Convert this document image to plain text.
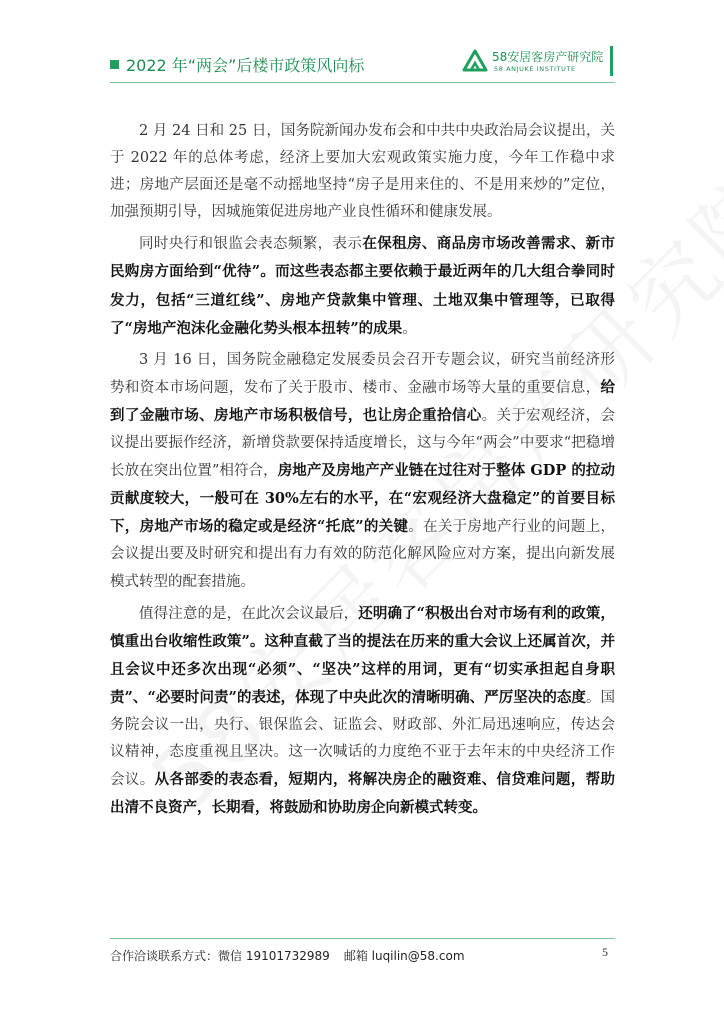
2022 年“两会”后楼市政策风向标	58安居客房产研究院
58 ANJUKE INSTITUTE

2 月 24 日和 25 日，国务院新闻办发布会和中共中央政治局会议提出，关于 2022 年的总体考虑，经济上要加大宏观政策实施力度，今年工作稳中求进；房地产层面还是毫不动摇地坚持“房子是用来住的、不是用来炒的”定位，加强预期引导，因城施策促进房地产业良性循环和健康发展。

同时央行和银监会表态频繁，表示在保租房、商品房市场改善需求、新市民购房方面给到“优待”。而这些表态都主要依赖于最近两年的几大组合拳同时发力，包括“三道红线”、房地产贷款集中管理、土地双集中管理等，已取得了“房地产泡沫化金融化势头根本扭转”的成果。

3 月 16 日，国务院金融稳定发展委员会召开专题会议，研究当前经济形势和资本市场问题，发布了关于股市、楼市、金融市场等大量的重要信息，给到了金融市场、房地产市场积极信号，也让房企重拾信心。关于宏观经济，会议提出要振作经济，新增贷款要保持适度增长，这与今年“两会”中要求“把稳增长放在突出位置”相符合，房地产及房地产产业链在过往对于整体 GDP 的拉动贡献度较大，一般可在 30%左右的水平，在“宏观经济大盘稳定”的首要目标下，房地产市场的稳定或是经济“托底”的关键。在关于房地产行业的问题上，会议提出要及时研究和提出有力有效的防范化解风险应对方案，提出向新发展模式转型的配套措施。

值得注意的是，在此次会议最后，还明确了“积极出台对市场有利的政策，慎重出台收缩性政策”。这种直截了当的提法在历来的重大会议上还属首次，并且会议中还多次出现“必须”、“坚决”这样的用词，更有“切实承担起自身职责”、“必要时问责”的表述，体现了中央此次的清晰明确、严厉坚决的态度。国务院会议一出，央行、银保监会、证监会、财政部、外汇局迅速响应，传达会议精神，态度重视且坚决。这一次喊话的力度绝不亚于去年末的中央经济工作会议。从各部委的表态看，短期内，将解决房企的融资难、信贷难问题，帮助出清不良资产，长期看，将鼓励和协助房企向新模式转变。

合作洽谈联系方式：微信 19101732989 邮箱 luqilin@58.com	5
